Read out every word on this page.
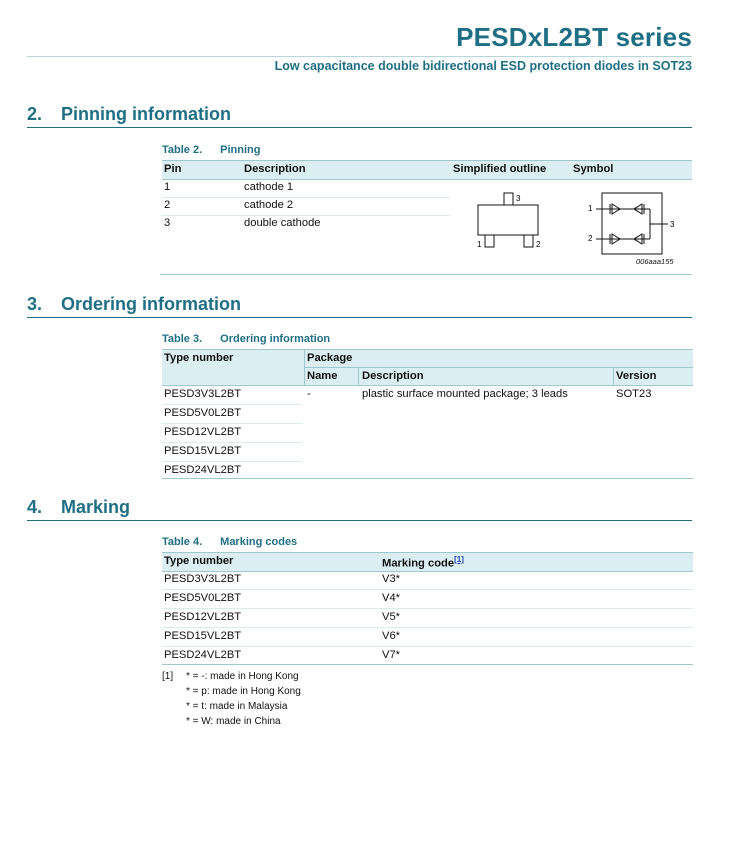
PESDxL2BT series
Low capacitance double bidirectional ESD protection diodes in SOT23
2. Pinning information
Table 2. Pinning
Pin	Description	Simplified outline Symbol
1	cathode 1
2	cathode 2
3	double cathode
3
1	2
1
2
3
006aaa155
3. Ordering information
Table 3. Ordering information
Type number	Package
Name Description	Version
PESD3V3L2BT	-	plastic surface mounted package; 3 leads	SOT23
PESD5V0L2BT
PESD12VL2BT
PESD15VL2BT
PESD24VL2BT
4. Marking
Table 4. Marking codes
Type number	Marking code[1]
PESD3V3L2BT	V3*
PESD5V0L2BT	V4*
PESD12VL2BT	V5*
PESD15VL2BT	V6*
PESD24VL2BT	V7*
[1] * = -: made in Hong Kong
* = p: made in Hong Kong
* = t: made in Malaysia
* = W: made in China
